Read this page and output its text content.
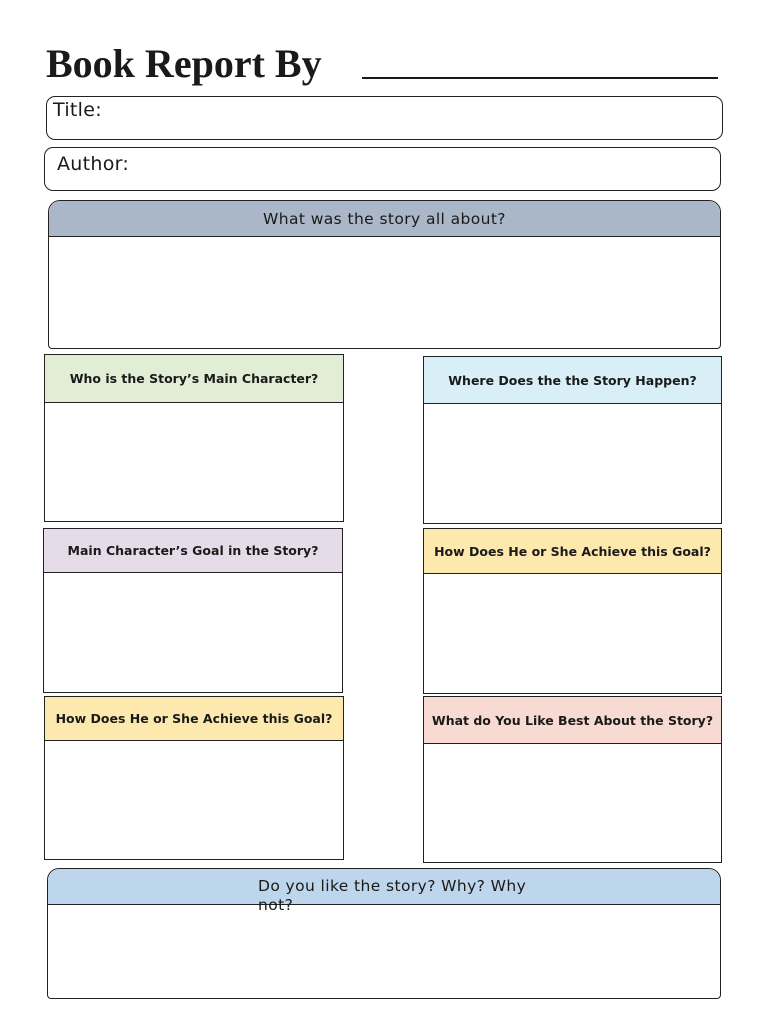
Book Report By
Title:
Author:
What was the story all about?
Who is the Story’s Main Character?	Where Does the the Story Happen?
Main Character’s Goal in the Story?	How Does He or She Achieve this Goal?
How Does He or She Achieve this Goal?	What do You Like Best About the Story?
Do you like the story? Why? Why not?
